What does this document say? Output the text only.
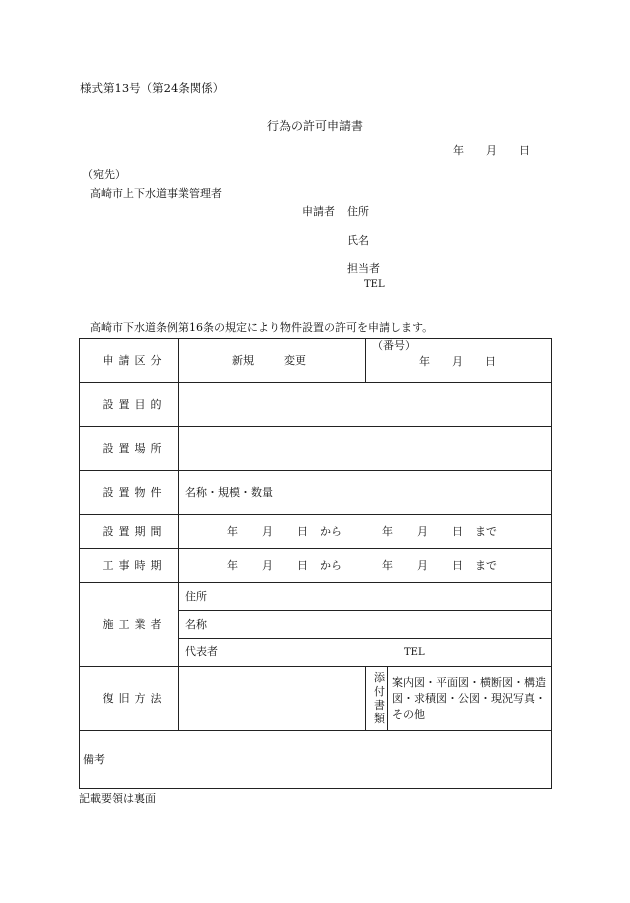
様式第13号（第24条関係）
行為の許可申請書
年 月 日
（宛先）
高崎市上下水道事業管理者
申請者 住所
氏名
担当者
TEL
高崎市下水道条例第16条の規定により物件設置の許可を申請します。
申請区分	新規 変更	（番号）
年 月 日	

設置目的			
設置場所			
設置物件	名称・規模・数量		
設置期間	年 月 日 から 年 月 日 まで		
工事時期	年 月 日 から 年 月 日 まで		
施工業者	住所		
	名称		
	代表者 TEL		
復旧方法		添
付
書
類	案内図・平面図・横断図・構造図・求積図・公図・現況写真・その他
備考			
記載要領は裏面
